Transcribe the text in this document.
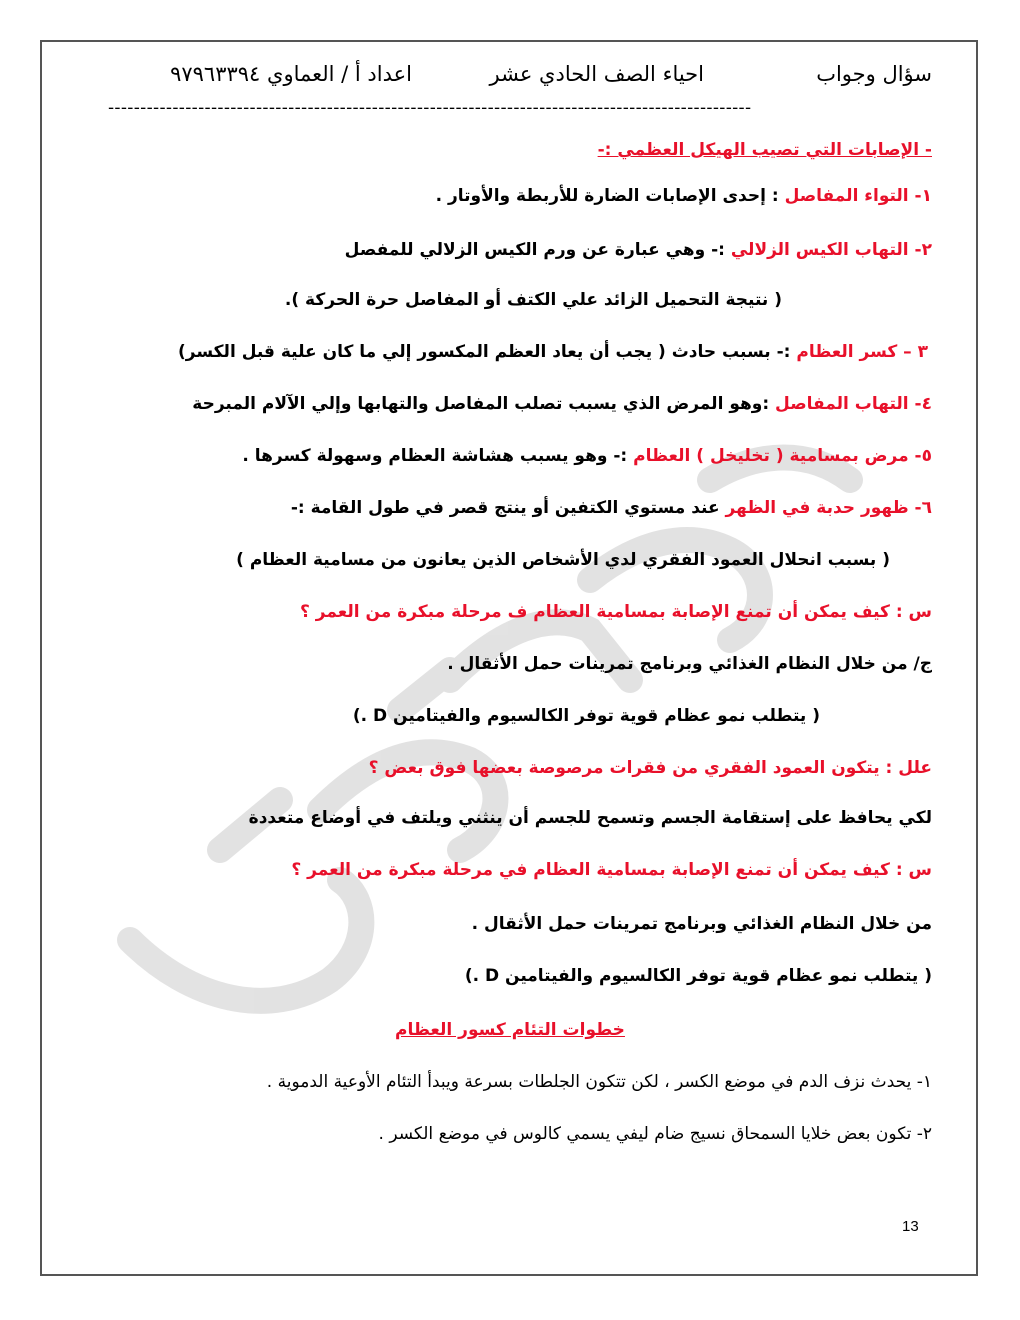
سؤال وجواب
احياء الصف الحادي عشر
اعداد أ / العماوي ٩٧٩٦٣٣٩٤
----------------------------------------------------------------------------------------------------
- الإصابات التي تصيب الهيكل العظمي :-
١- التواء المفاصل : إحدى الإصابات الضارة للأربطة والأوتار .
٢- التهاب الكيس الزلالي :- وهي عبارة عن ورم الكيس الزلالي للمفصل
( نتيجة التحميل الزائد علي الكتف أو المفاصل حرة الحركة ).
٣ – كسر العظام :- بسبب حادث ( يجب أن يعاد العظم المكسور إلي ما كان علية قبل الكسر)
٤- التهاب المفاصل :وهو المرض الذي يسبب تصلب المفاصل والتهابها وإلي الآلام المبرحة
٥- مرض بمسامية ( تخليخل ) العظام :- وهو يسبب هشاشة العظام وسهولة كسرها .
٦- ظهور حدبة في الظهر عند مستوي الكتفين أو ينتج قصر في طول القامة :-
( بسبب انحلال العمود الفقري لدي الأشخاص الذين يعانون من مسامية العظام )
س : كيف يمكن أن تمنع الإصابة بمسامية العظام ف مرحلة مبكرة من العمر ؟
ج/ من خلال النظام الغذائي وبرنامج تمرينات حمل الأثقال .
( يتطلب نمو عظام قوية توفر الكالسيوم والفيتامين D .)
علل : يتكون العمود الفقري من فقرات مرصوصة بعضها فوق بعض ؟
لكي يحافظ على إستقامة الجسم وتسمح للجسم أن ينثني ويلتف في أوضاع متعددة
س : كيف يمكن أن تمنع الإصابة بمسامية العظام في مرحلة مبكرة من العمر ؟
من خلال النظام الغذائي وبرنامج تمرينات حمل الأثقال .
( يتطلب نمو عظام قوية توفر الكالسيوم والفيتامين D .)
خطوات التئام كسور العظام
١- يحدث نزف الدم في موضع الكسر ، لكن تتكون الجلطات بسرعة ويبدأ التئام الأوعية الدموية .
٢- تكون بعض خلايا السمحاق نسيج ضام ليفي يسمي كالوس في موضع الكسر .
13
